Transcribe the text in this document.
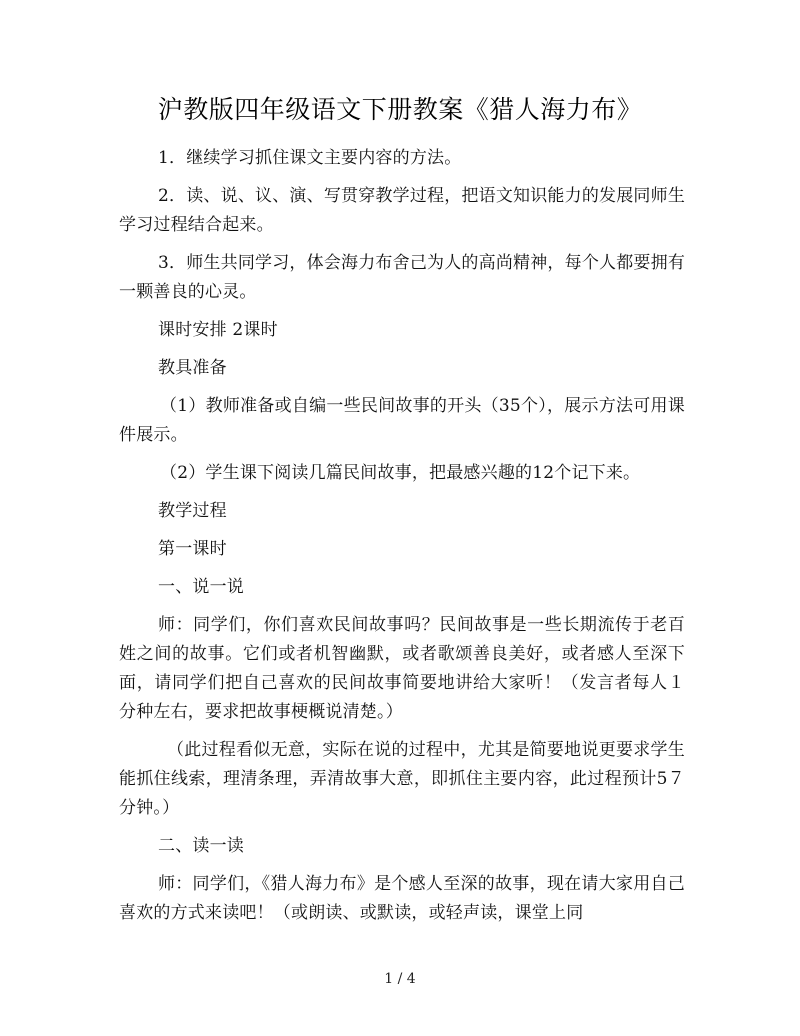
沪教版四年级语文下册教案《猎人海力布》

1．继续学习抓住课文主要内容的方法。

2．读、说、议、演、写贯穿教学过程，把语文知识能力的发展同师生学习过程结合起来。

3．师生共同学习，体会海力布舍己为人的高尚精神，每个人都要拥有一颗善良的心灵。

课时安排 2课时

教具准备

（1）教师准备或自编一些民间故事的开头（35个），展示方法可用课件展示。

（2）学生课下阅读几篇民间故事，把最感兴趣的12个记下来。

教学过程

第一课时

一、说一说

师：同学们，你们喜欢民间故事吗？民间故事是一些长期流传于老百姓之间的故事。它们或者机智幽默，或者歌颂善良美好，或者感人至深下面，请同学们把自己喜欢的民间故事简要地讲给大家听！（发言者每人１分种左右，要求把故事梗概说清楚。）

（此过程看似无意，实际在说的过程中，尤其是简要地说更要求学生能抓住线索，理清条理，弄清故事大意，即抓住主要内容，此过程预计5７分钟。）

二、读一读

师：同学们，《猎人海力布》是个感人至深的故事，现在请大家用自己喜欢的方式来读吧！（或朗读、或默读，或轻声读，课堂上同

1 / 4
